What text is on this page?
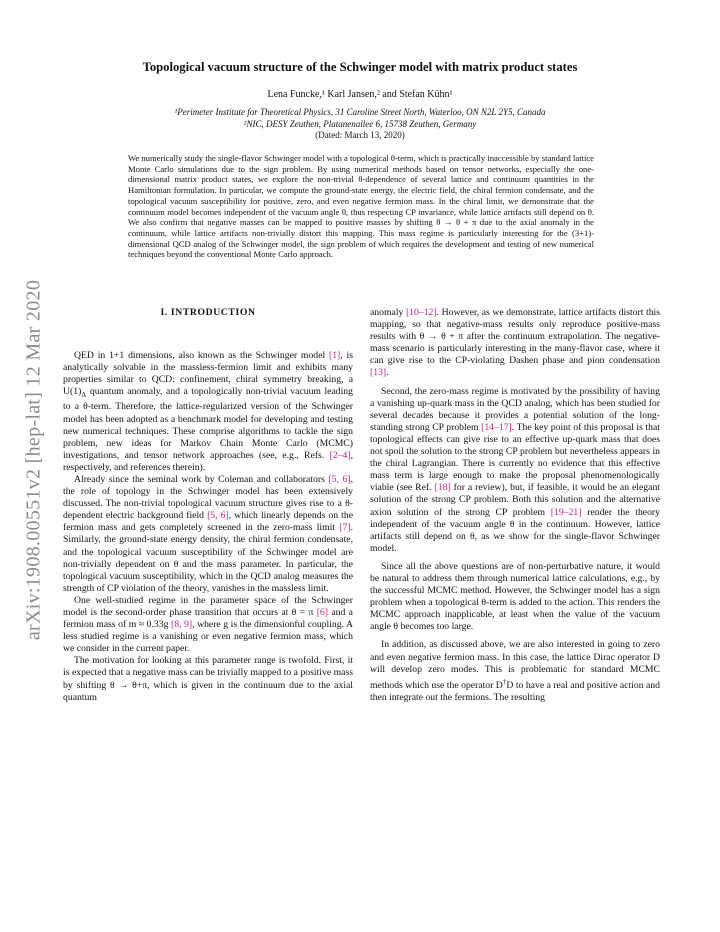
arXiv:1908.00551v2 [hep-lat] 12 Mar 2020
Topological vacuum structure of the Schwinger model with matrix product states
Lena Funcke,¹ Karl Jansen,² and Stefan Kühn¹
¹Perimeter Institute for Theoretical Physics, 31 Caroline Street North, Waterloo, ON N2L 2Y5, Canada
²NIC, DESY Zeuthen, Platanenallee 6, 15738 Zeuthen, Germany
(Dated: March 13, 2020)
We numerically study the single-flavor Schwinger model with a topological θ-term, which is practically inaccessible by standard lattice Monte Carlo simulations due to the sign problem. By using numerical methods based on tensor networks, especially the one-dimensional matrix product states, we explore the non-trivial θ-dependence of several lattice and continuum quantities in the Hamiltonian formulation. In particular, we compute the ground-state energy, the electric field, the chiral fermion condensate, and the topological vacuum susceptibility for positive, zero, and even negative fermion mass. In the chiral limit, we demonstrate that the continuum model becomes independent of the vacuum angle θ, thus respecting CP invariance, while lattice artifacts still depend on θ. We also confirm that negative masses can be mapped to positive masses by shifting θ → θ + π due to the axial anomaly in the continuum, while lattice artifacts non-trivially distort this mapping. This mass regime is particularly interesting for the (3+1)-dimensional QCD analog of the Schwinger model, the sign problem of which requires the development and testing of new numerical techniques beyond the conventional Monte Carlo approach.
I. INTRODUCTION

QED in 1+1 dimensions, also known as the Schwinger model [1], is analytically solvable in the massless-fermion limit and exhibits many properties similar to QCD: confinement, chiral symmetry breaking, a $U(1)_A$ quantum anomaly, and a topologically non-trivial vacuum leading to a θ-term. Therefore, the lattice-regularized version of the Schwinger model has been adopted as a benchmark model for developing and testing new numerical techniques. These comprise algorithms to tackle the sign problem, new ideas for Markov Chain Monte Carlo (MCMC) investigations, and tensor network approaches (see, e.g., Refs. [2–4], respectively, and references therein).

Already since the seminal work by Coleman and collaborators [5, 6], the role of topology in the Schwinger model has been extensively discussed. The non-trivial topological vacuum structure gives rise to a θ-dependent electric background field [5, 6], which linearly depends on the fermion mass and gets completely screened in the zero-mass limit [7]. Similarly, the ground-state energy density, the chiral fermion condensate, and the topological vacuum susceptibility of the Schwinger model are non-trivially dependent on θ and the mass parameter. In particular, the topological vacuum susceptibility, which in the QCD analog measures the strength of CP violation of the theory, vanishes in the massless limit.

One well-studied regime in the parameter space of the Schwinger model is the second-order phase transition that occurs at θ = π [6] and a fermion mass of m ≈ 0.33g [8, 9], where g is the dimensionful coupling. A less studied regime is a vanishing or even negative fermion mass, which we consider in the current paper.

The motivation for looking at this parameter range is twofold. First, it is expected that a negative mass can be trivially mapped to a positive mass by shifting θ → θ+π, which is given in the continuum due to the axial quantum

anomaly [10–12]. However, as we demonstrate, lattice artifacts distort this mapping, so that negative-mass results only reproduce positive-mass results with θ → θ + π after the continuum extrapolation. The negative-mass scenario is particularly interesting in the many-flavor case, where it can give rise to the CP-violating Dashen phase and pion condensation [13].

Second, the zero-mass regime is motivated by the possibility of having a vanishing up-quark mass in the QCD analog, which has been studied for several decades because it provides a potential solution of the long-standing strong CP problem [14–17]. The key point of this proposal is that topological effects can give rise to an effective up-quark mass that does not spoil the solution to the strong CP problem but nevertheless appears in the chiral Lagrangian. There is currently no evidence that this effective mass term is large enough to make the proposal phenomenologically viable (see Ref. [18] for a review), but, if feasible, it would be an elegant solution of the strong CP problem. Both this solution and the alternative axion solution of the strong CP problem [19–21] render the theory independent of the vacuum angle θ in the continuum. However, lattice artifacts still depend on θ, as we show for the single-flavor Schwinger model.

Since all the above questions are of non-perturbative nature, it would be natural to address them through numerical lattice calculations, e.g., by the successful MCMC method. However, the Schwinger model has a sign problem when a topological θ-term is added to the action. This renders the MCMC approach inapplicable, at least when the value of the vacuum angle θ becomes too large.

In addition, as discussed above, we are also interested in going to zero and even negative fermion mass. In this case, the lattice Dirac operator D will develop zero modes. This is problematic for standard MCMC methods which use the operator D†D to have a real and positive action and then integrate out the fermions. The resulting
